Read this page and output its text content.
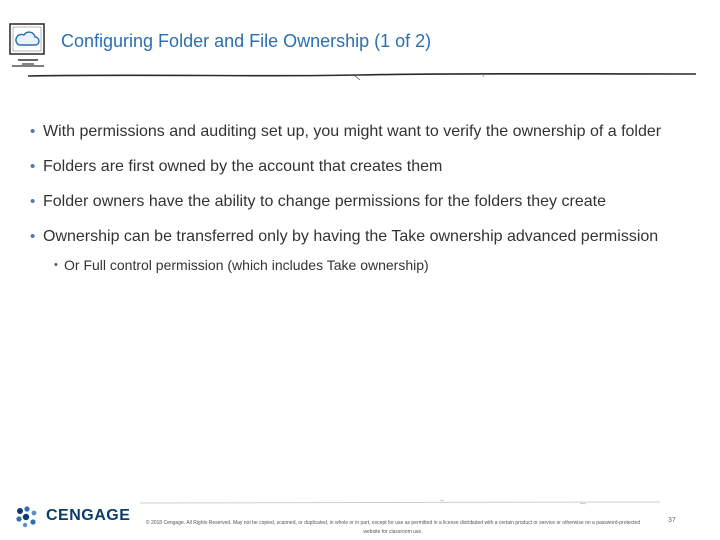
Configuring Folder and File Ownership (1 of 2)
• With permissions and auditing set up, you might want to verify the ownership of a folder
• Folders are first owned by the account that creates them
• Folder owners have the ability to change permissions for the folders they create
• Ownership can be transferred only by having the Take ownership advanced permission
• Or Full control permission (which includes Take ownership)
CENGAGE	© 2018 Cengage. All Rights Reserved. May not be copied, scanned, or duplicated, in whole or in part, except for use as permitted in a license distributed with a certain product or service or otherwise on a password-protected website for classroom use.
37
